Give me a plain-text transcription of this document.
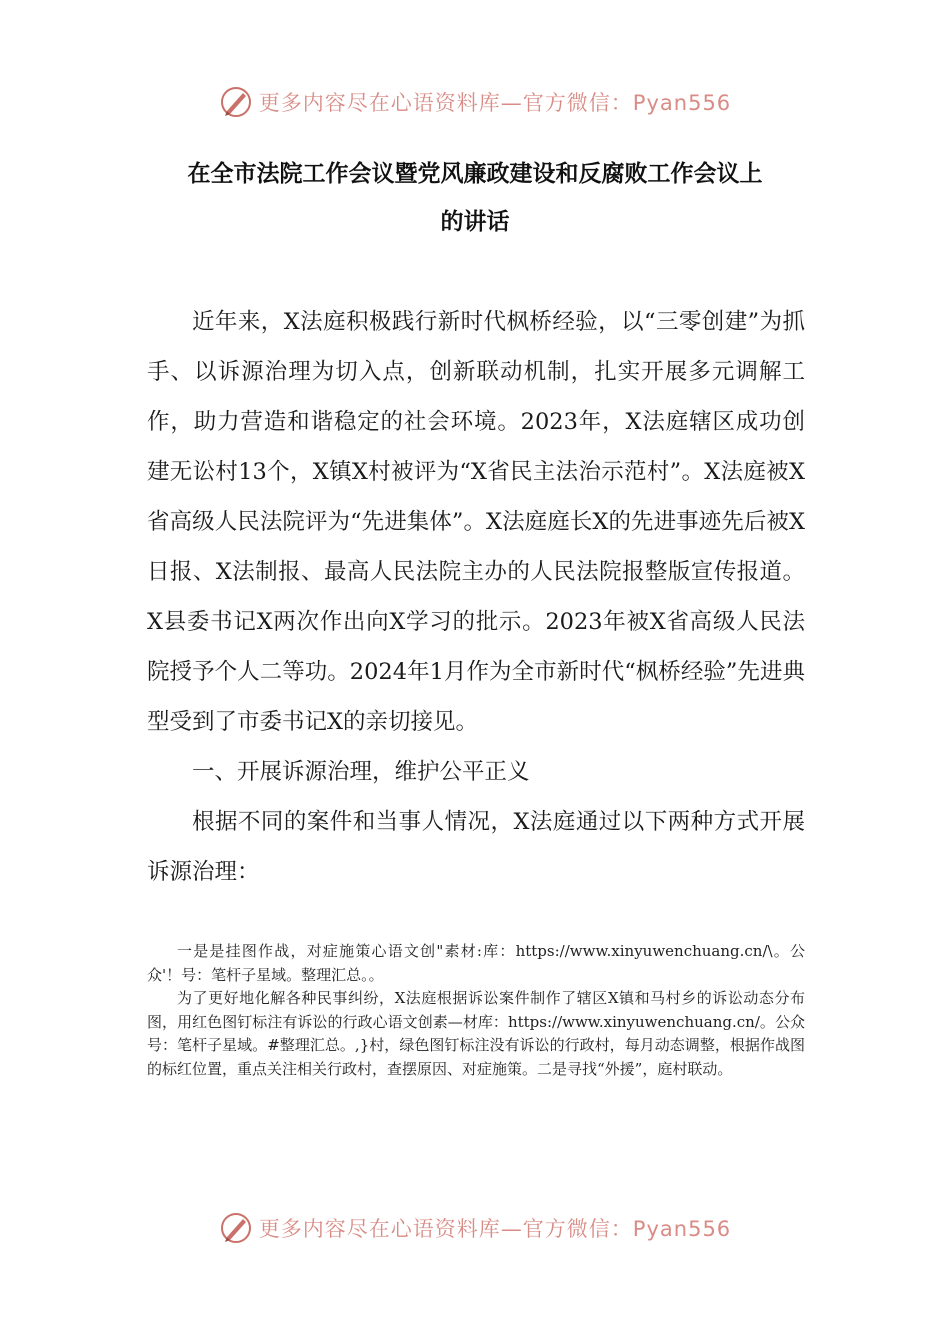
更多内容尽在心语资料库—官方微信：Pyan556
在全市法院工作会议暨党风廉政建设和反腐败工作会议上
的讲话

近年来，X法庭积极践行新时代枫桥经验，以“三零创建”为抓手、以诉源治理为切入点，创新联动机制，扎实开展多元调解工作，助力营造和谐稳定的社会环境。2023年，X法庭辖区成功创建无讼村13个，X镇X村被评为“X省民主法治示范村”。X法庭被X省高级人民法院评为“先进集体”。X法庭庭长X的先进事迹先后被X日报、X法制报、最高人民法院主办的人民法院报整版宣传报道。X县委书记X两次作出向X学习的批示。2023年被X省高级人民法院授予个人二等功。2024年1月作为全市新时代“枫桥经验”先进典型受到了市委书记X的亲切接见。

一、开展诉源治理，维护公平正义

根据不同的案件和当事人情况，X法庭通过以下两种方式开展诉源治理：

一是是挂图作战，对症施策心语文创"素材:库：https://www.xinyuwenchuang.cn/\。公众'！号：笔杆子星域。整理汇总。。

为了更好地化解各种民事纠纷，X法庭根据诉讼案件制作了辖区X镇和马村乡的诉讼动态分布图，用红色图钉标注有诉讼的行政心语文创素—材库：https://www.xinyuwenchuang.cn/。公众号：笔杆子星域。#整理汇总。,}村，绿色图钉标注没有诉讼的行政村，每月动态调整，根据作战图的标红位置，重点关注相关行政村，查摆原因、对症施策。二是寻找“外援”，庭村联动。

更多内容尽在心语资料库—官方微信：Pyan556
